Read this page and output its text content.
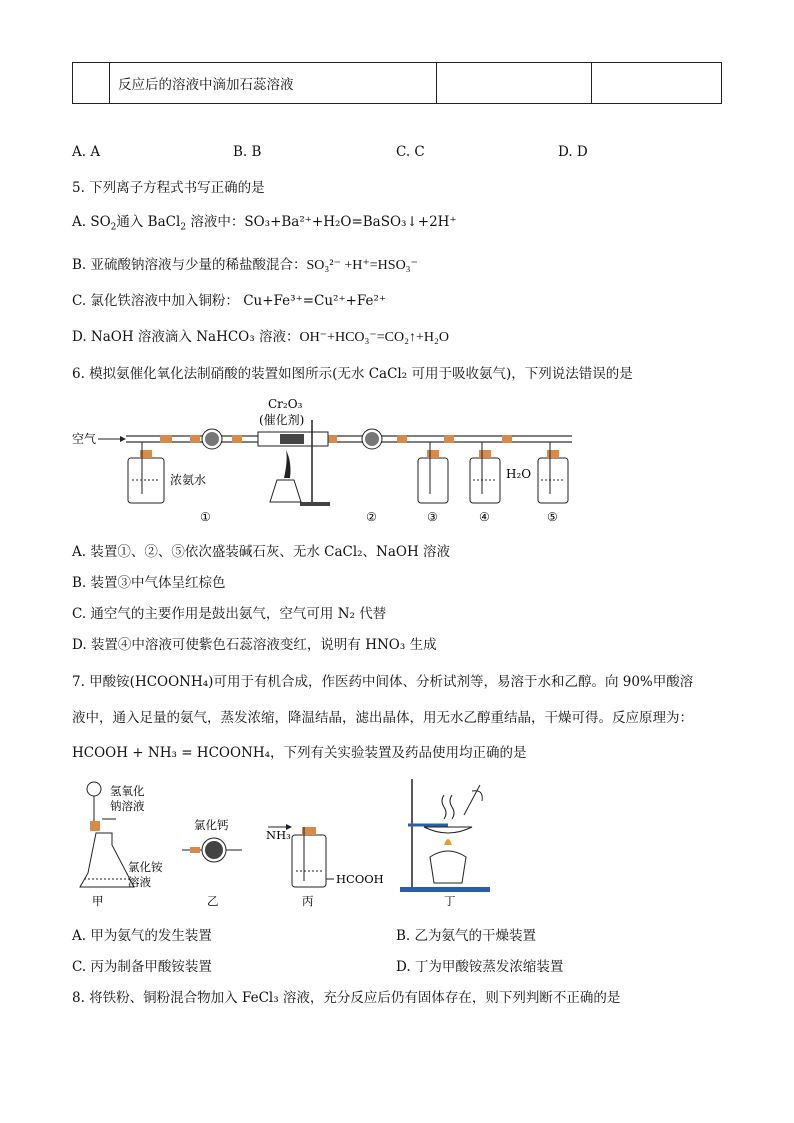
	反应后的溶液中滴加石蕊溶液		
A. A	B. B	C. C	D. D
5. 下列离子方程式书写正确的是
A. $SO_2$通入 BaCl$_2$ 溶液中：SO₃+Ba²⁺+H₂O=BaSO₃↓+2H⁺
B. 亚硫酸钠溶液与少量的稀盐酸混合：SO₃²⁻ +H⁺=HSO₃⁻
C. 氯化铁溶液中加入铜粉： Cu+Fe³⁺=Cu²⁺+Fe²⁺
D. NaOH 溶液滴入 NaHCO₃ 溶液：OH⁻+HCO₃⁻=CO₂↑+H₂O
6. 模拟氨催化氧化法制硝酸的装置如图所示(无水 CaCl₂ 可用于吸收氨气)，下列说法错误的是
Cr₂O₃
(催化剂)
空气
浓氨水	H₂O
①	②	③	④	⑤
A. 装置①、②、⑤依次盛装碱石灰、无水 CaCl₂、NaOH 溶液
B. 装置③中气体呈红棕色
C. 通空气的主要作用是鼓出氨气，空气可用 N₂ 代替
D. 装置④中溶液可使紫色石蕊溶液变红，说明有 HNO₃ 生成
7. 甲酸铵(HCOONH₄)可用于有机合成，作医药中间体、分析试剂等，易溶于水和乙醇。向 90%甲酸溶
液中，通入足量的氨气，蒸发浓缩，降温结晶，滤出晶体，用无水乙醇重结晶，干燥可得。反应原理为：
HCOOH + NH₃ = HCOONH₄，下列有关实验装置及药品使用均正确的是
氢氧化
钠溶液
氯化铵
溶液
甲
氯化钙
乙
NH₃
HCOOH
丙	丁
A. 甲为氨气的发生装置	B. 乙为氨气的干燥装置
C. 丙为制备甲酸铵装置	D. 丁为甲酸铵蒸发浓缩装置
8. 将铁粉、铜粉混合物加入 FeCl₃ 溶液，充分反应后仍有固体存在，则下列判断不正确的是
